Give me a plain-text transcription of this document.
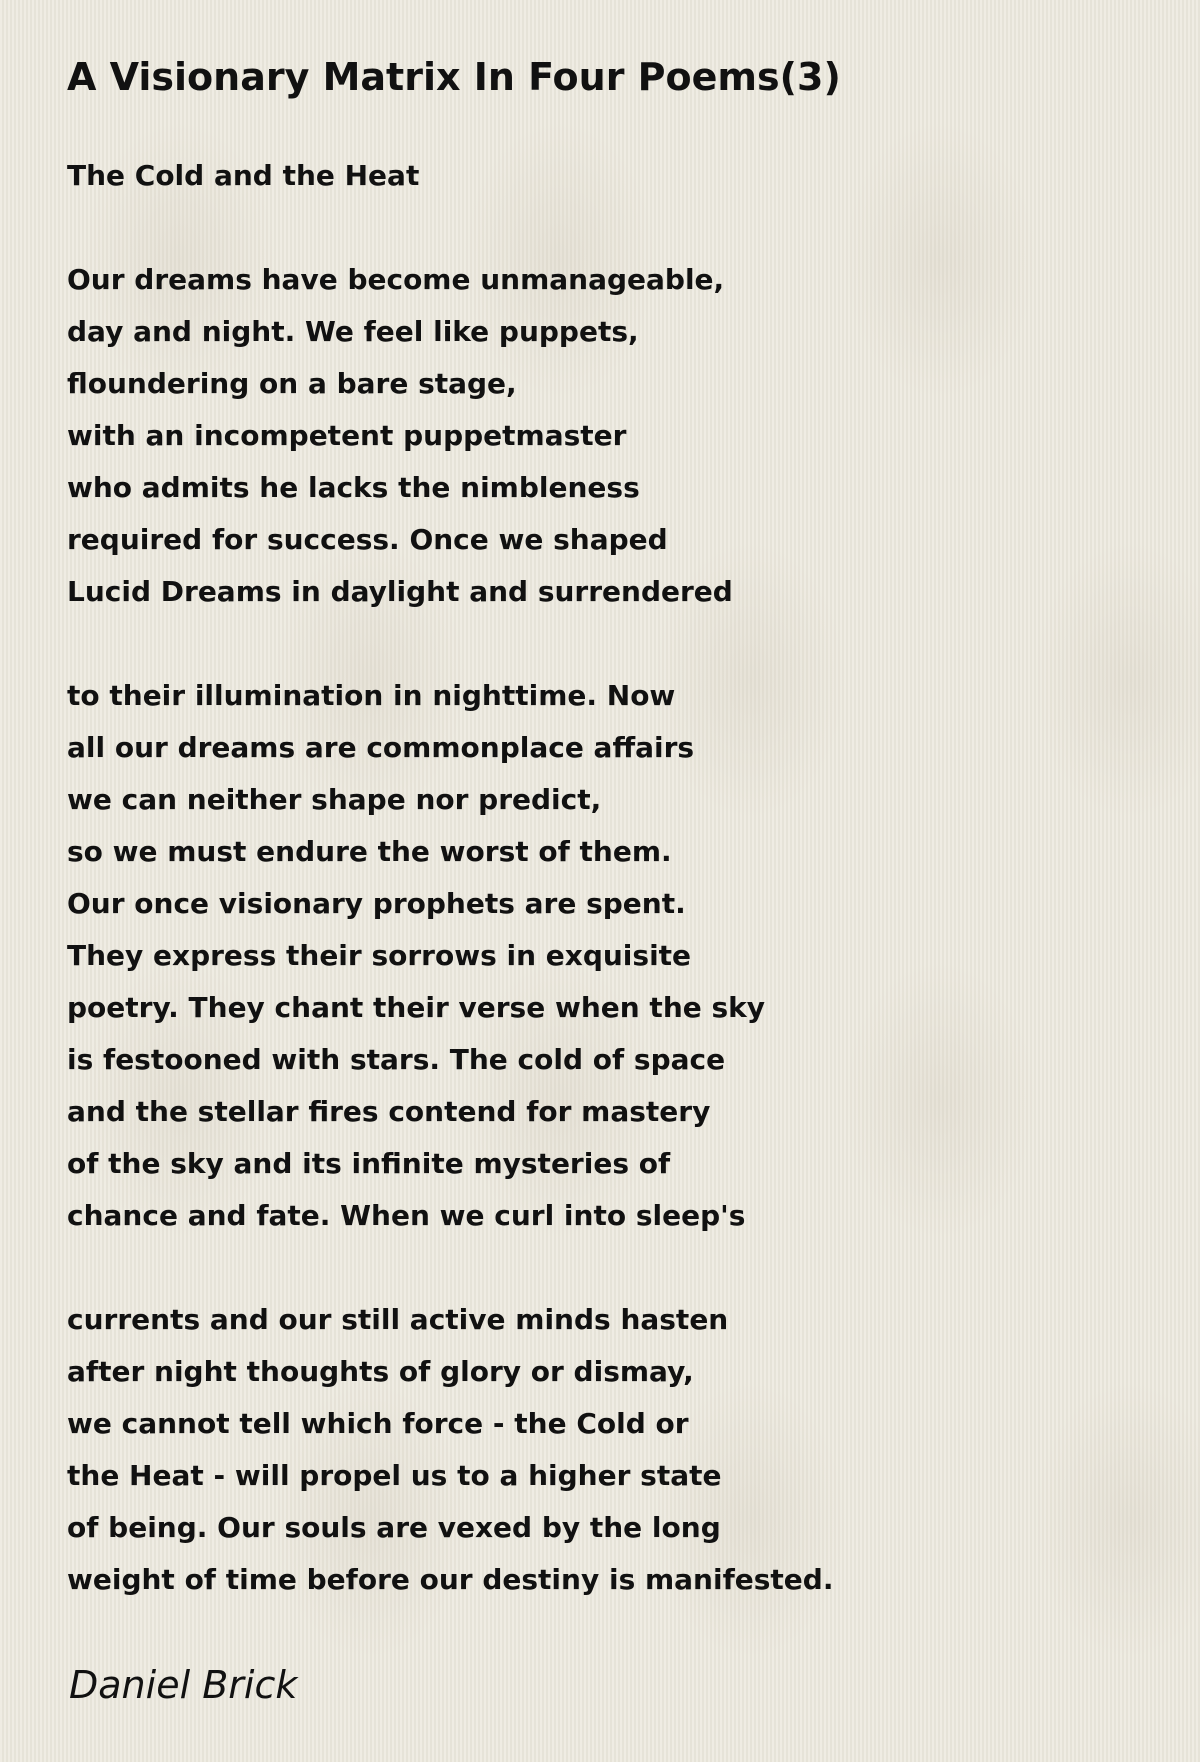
A Visionary Matrix In Four Poems(3)
The Cold and the Heat
Our dreams have become unmanageable,
day and night. We feel like puppets,
floundering on a bare stage,
with an incompetent puppetmaster
who admits he lacks the nimbleness
required for success. Once we shaped
Lucid Dreams in daylight and surrendered
to their illumination in nighttime. Now
all our dreams are commonplace affairs
we can neither shape nor predict,
so we must endure the worst of them.
Our once visionary prophets are spent.
They express their sorrows in exquisite
poetry. They chant their verse when the sky
is festooned with stars. The cold of space
and the stellar fires contend for mastery
of the sky and its infinite mysteries of
chance and fate. When we curl into sleep's
currents and our still active minds hasten
after night thoughts of glory or dismay,
we cannot tell which force - the Cold or
the Heat - will propel us to a higher state
of being. Our souls are vexed by the long
weight of time before our destiny is manifested.
Daniel Brick
